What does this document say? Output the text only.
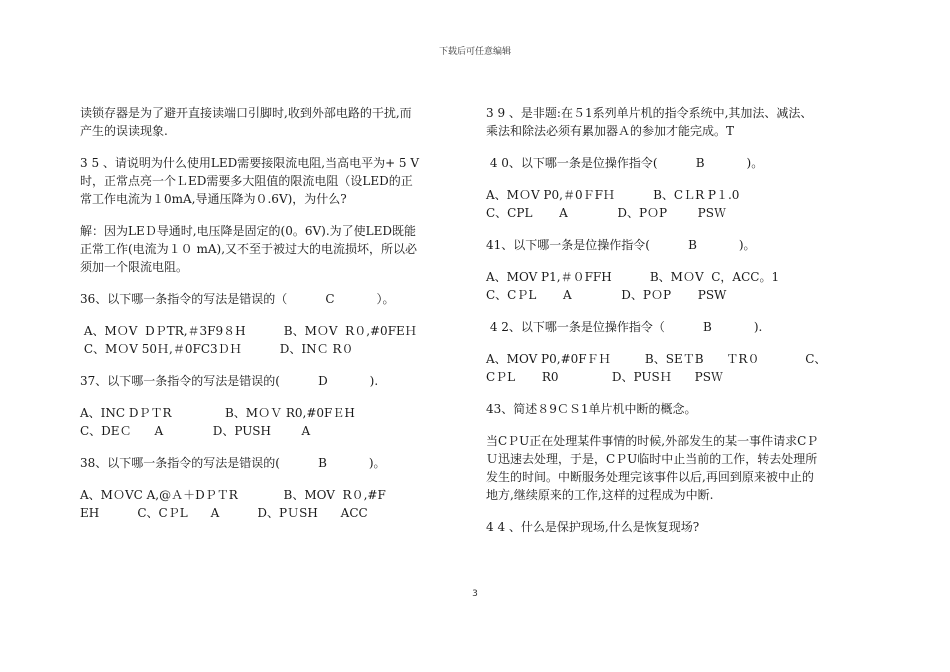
下载后可任意编辑

读锁存器是为了避开直接读端口引脚时,收到外部电路的干扰,而
产生的误读现象.

3 5 、请说明为什么使用LED需要接限流电阻,当高电平为+ 5 V
时，正常点亮一个ＬED需要多大阻值的限流电阻（设LED的正
常工作电流为１0mA,导通压降为０.6V)，为什么?

解：因为LEＤ导通时,电压降是固定的(0。6V).为了使LED既能
正常工作(电流为１０ mA),又不至于被过大的电流损坏，所以必
须加一个限流电阻。

36、以下哪一条指令的写法是错误的（          C           ）。

A、MＯV  DＰTR,＃3F9８H          B、MＯV  R０,#0FEＨ
C、MＯV 50Ｈ,＃0FC3ＤＨ          D、INＣ R０

37、以下哪一条指令的写法是错误的(          D           ).

A、INC DＰＴR              B、MＯＶ R0,#0FＥH
C、DEＣ      A             D、PUSH        A

38、以下哪一条指令的写法是错误的(          B           )。

A、MＯVC A,@Ａ＋DＰＴR            B、MOV  R０,#F
EH          C、CＰL      A          D、PＵSH      ACC

3 9 、是非题:在５1系列单片机的指令系统中,其加法、减法、
乘法和除法必须有累加器Ａ的参加才能完成。T

4 0、以下哪一条是位操作指令(          B           )。

A、MＯV P0,＃0ＦFＨ          B、CＬR P１.0
C、CPL       A             D、PＯP        PSＷ

41、以下哪一条是位操作指令(          B           )。

A、MOV P1,＃０FFH          B、MＯV  C，ACC。1
C、CＰL       A             D、PＯP       PSW

4 2、以下哪一条是位操作指令（          B           ).

A、MOV P0,#0FＦＨ         B、SEＴB      ＴR０            C、
CＰL       R0              D、PUSＨ      PSＷ

43、简述８9ＣＳ1单片机中断的概念。

当CＰU正在处理某件事情的时候,外部发生的某一事件请求CＰ
Ｕ迅速去处理，于是，CＰU临时中止当前的工作，转去处理所
发生的时间。中断服务处理完该事件以后,再回到原来被中止的
地方,继续原来的工作,这样的过程成为中断.

4 4 、什么是保护现场,什么是恢复现场?

3
